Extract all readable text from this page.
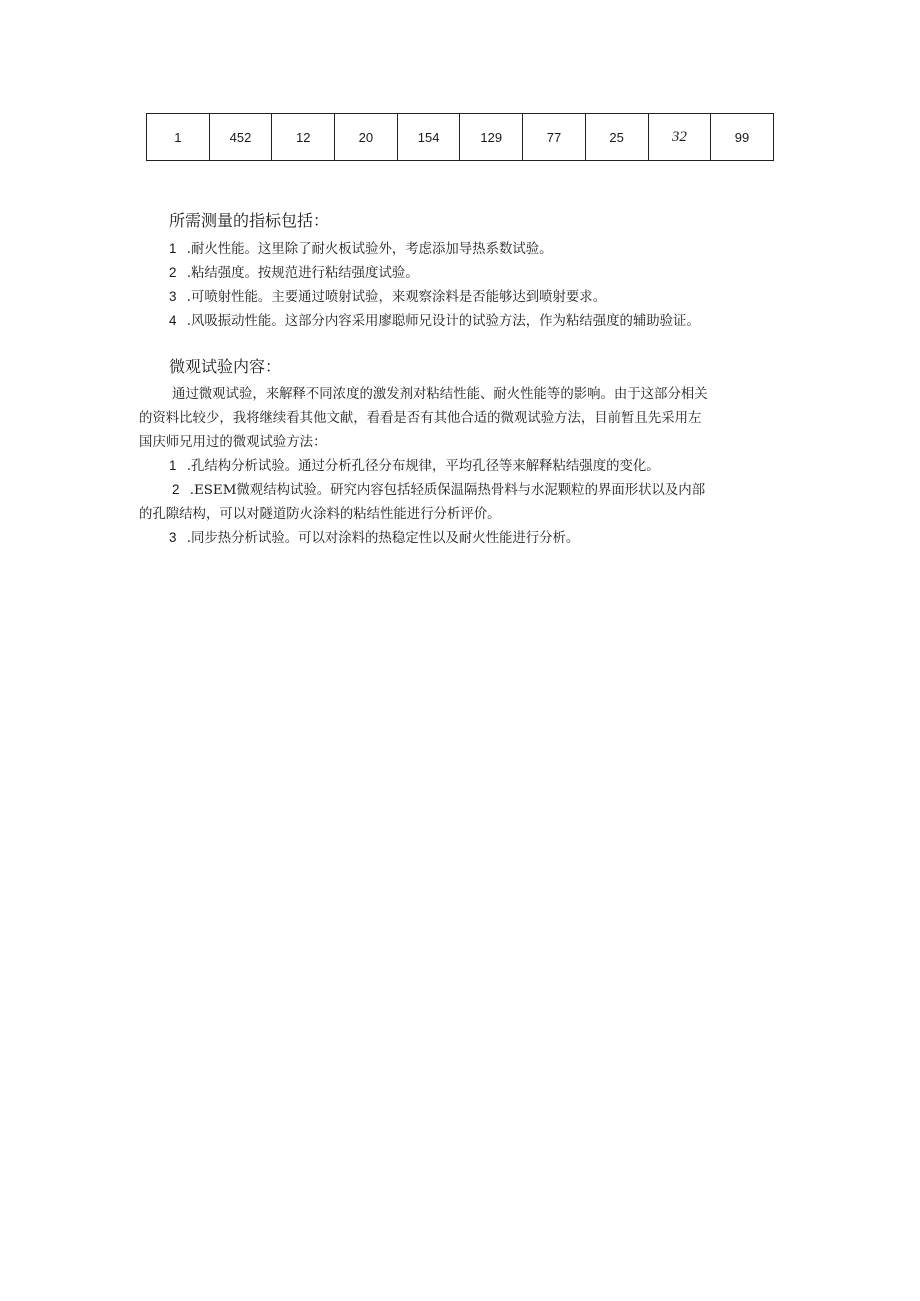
1	452	12	20	154	129	77	25	32	99
所需测量的指标包括：
1 .耐火性能。这里除了耐火板试验外，考虑添加导热系数试验。
2 .粘结强度。按规范进行粘结强度试验。
3 .可喷射性能。主要通过喷射试验，来观察涂料是否能够达到喷射要求。
4 .风吸振动性能。这部分内容采用廖聪师兄设计的试验方法，作为粘结强度的辅助验证。
微观试验内容：
通过微观试验，来解释不同浓度的激发剂对粘结性能、耐火性能等的影响。由于这部分相关
的资料比较少，我将继续看其他文献，看看是否有其他合适的微观试验方法，目前暂且先采用左
国庆师兄用过的微观试验方法：
1 .孔结构分析试验。通过分析孔径分布规律，平均孔径等来解释粘结强度的变化。
2 .ESEM微观结构试验。研究内容包括轻质保温隔热骨料与水泥颗粒的界面形状以及内部
的孔隙结构，可以对隧道防火涂料的粘结性能进行分析评价。
3 .同步热分析试验。可以对涂料的热稳定性以及耐火性能进行分析。
